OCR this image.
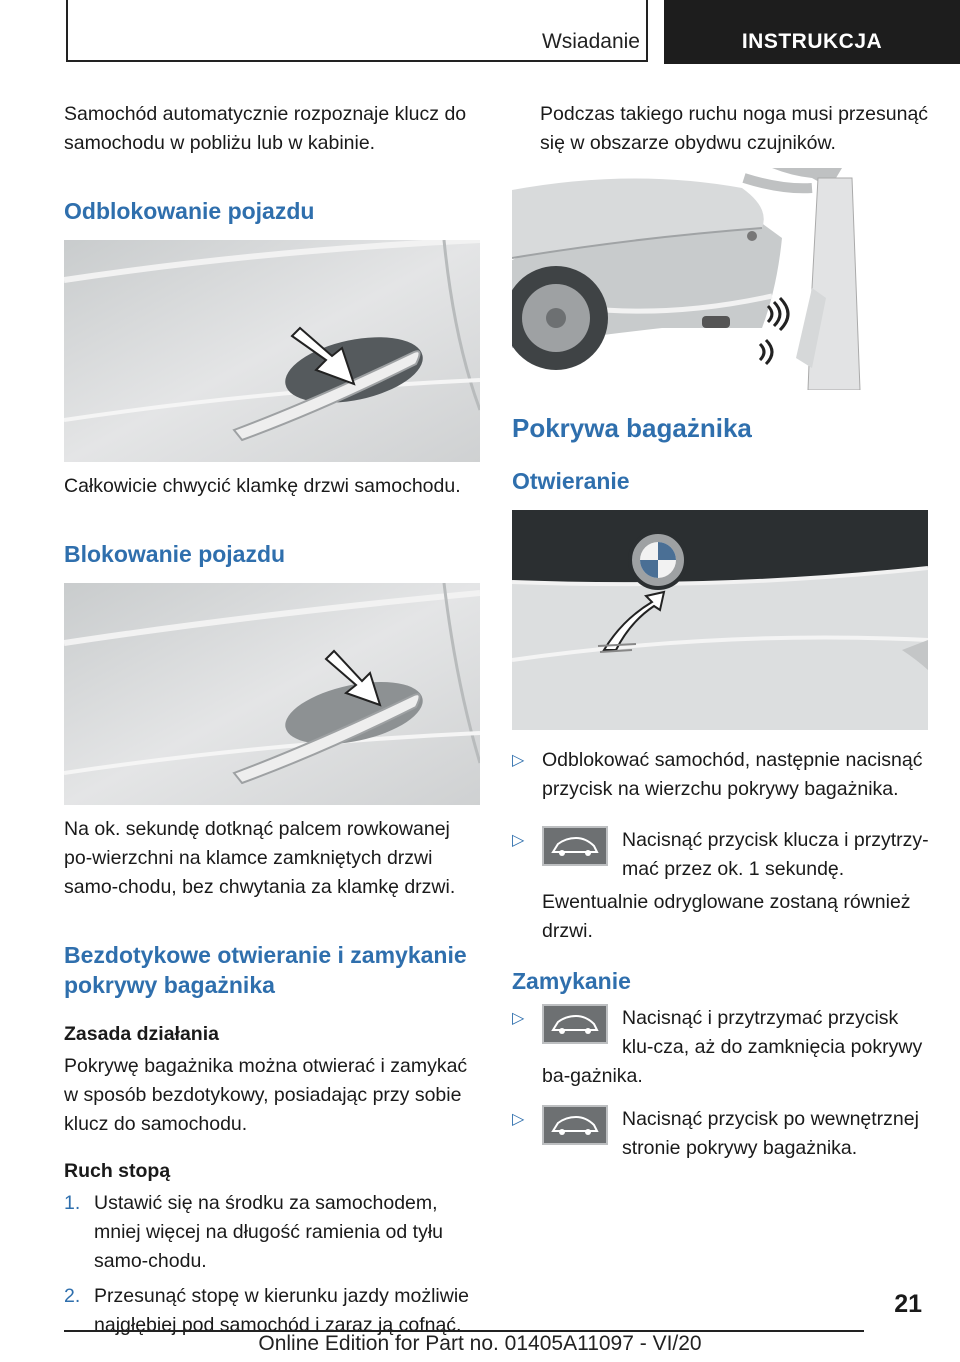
Wsiadanie	INSTRUKCJA

Samochód automatycznie rozpoznaje klucz do samochodu w pobliżu lub w kabinie.

Odblokowanie pojazdu

Całkowicie chwycić klamkę drzwi samochodu.

Blokowanie pojazdu

Na ok. sekundę dotknąć palcem rowkowanej po-wierzchni na klamce zamkniętych drzwi samo-chodu, bez chwytania za klamkę drzwi.

Bezdotykowe otwieranie i zamykanie pokrywy bagażnika
Zasada działania

Pokrywę bagażnika można otwierać i zamykać w sposób bezdotykowy, posiadając przy sobie klucz do samochodu.

Ruch stopą
1. Ustawić się na środku za samochodem, mniej więcej na długość ramienia od tyłu samo-chodu.
2. Przesunąć stopę w kierunku jazdy możliwie najgłębiej pod samochód i zaraz ją cofnąć.

Podczas takiego ruchu noga musi przesunąć się w obszarze obydwu czujników.

Pokrywa bagażnika
Otwieranie
▷ Odblokować samochód, następnie nacisnąć przycisk na wierzchu pokrywy bagażnika.
▷	Nacisnąć przycisk klucza i przytrzy-mać przez ok. 1 sekundę.

Ewentualnie odryglowane zostaną również drzwi.

Zamykanie
▷	Nacisnąć i przytrzymać przycisk klu-cza, aż do zamknięcia pokrywy ba-gażnika.
▷	Nacisnąć przycisk po wewnętrznej stronie pokrywy bagażnika.
21
Online Edition for Part no. 01405A11097 - VI/20
